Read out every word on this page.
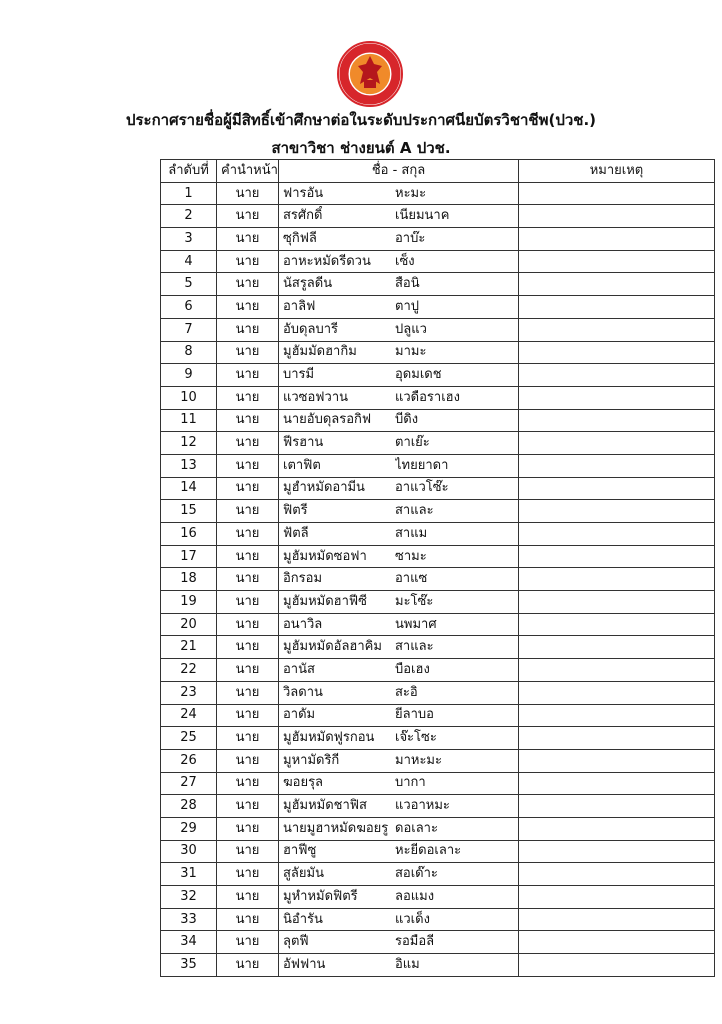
ประกาศรายชื่อผู้มีสิทธิ์เข้าศึกษาต่อในระดับประกาศนียบัตรวิชาชีพ(ปวช.)
สาขาวิชา ช่างยนต์ A ปวช.
ลำดับที่	คำนำหน้า	ชื่อ - สกุล	หมายเหตุ
1	นาย	ฟารอัน หะมะ	
2	นาย	สรศักดิ์ เนียมนาค	
3	นาย	ซุกิฟลี อาบ๊ะ	
4	นาย	อาหะหมัดรีดวน เซ็ง	
5	นาย	นัสรูลดีน สือนิ	
6	นาย	อาลิฟ ตาปู	
7	นาย	อับดุลบารี ปลูแว	
8	นาย	มูฮัมมัดฮากิม มามะ	
9	นาย	บารมี อุดมเดช	
10	นาย	แวซอฟวาน แวดือราเฮง	
11	นาย	นายอับดุลรอกิฟ บีดิง	
12	นาย	ฟีรฮาน ตาเย๊ะ	
13	นาย	เตาฟิต ไทยยาดา	
14	นาย	มูฮำหมัดอามีน อาแวโซ๊ะ	
15	นาย	ฟิตรี สาและ	
16	นาย	ฟัตลี สาแม	
17	นาย	มูฮัมหมัดซอฟา ซามะ	
18	นาย	อิกรอม อาแซ	
19	นาย	มูฮัมหมัดฮาฟีซี มะโซ๊ะ	
20	นาย	อนาวิล นพมาศ	
21	นาย	มูฮัมหมัดอัลฮาคิม สาและ	
22	นาย	อานัส บือเฮง	
23	นาย	วิลดาน สะอิ	
24	นาย	อาดัม ยีลาบอ	
25	นาย	มูฮัมหมัดฟูรกอน เจ๊ะโซะ	
26	นาย	มูหามัดริกี มาหะมะ	
27	นาย	ฆอยรุล บากา	
28	นาย	มูฮัมหมัดชาฟิส แวอาหมะ	
29	นาย	นายมูฮาหมัดฆอยรู ดอเลาะ	
30	นาย	ฮาฟีซู หะยีดอเลาะ	
31	นาย	สูลัยมัน สอเด๊าะ	
32	นาย	มูหำหมัดฟิตรี ลอแมง	
33	นาย	นิอำรัน แวเด็ง	
34	นาย	ลุตฟี รอมือลี	
35	นาย	อัฟฟาน อิแม	
